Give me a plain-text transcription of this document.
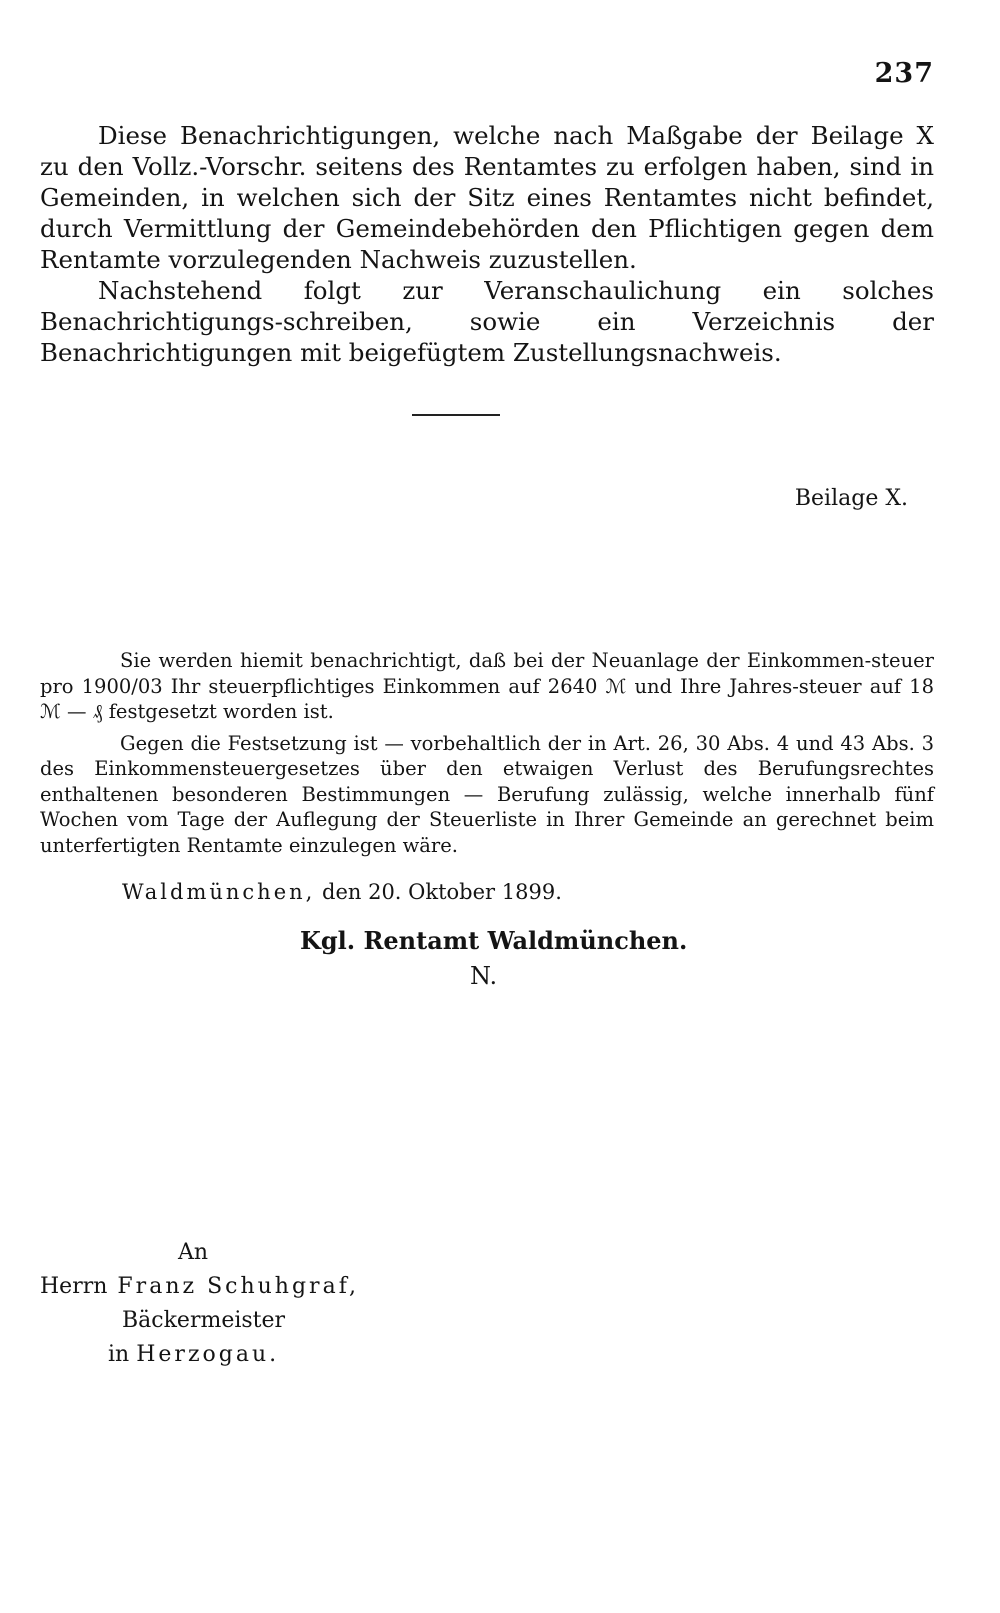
237

Diese Benachrichtigungen, welche nach Maßgabe der Beilage X zu den Vollz.-Vorschr. seitens des Rentamtes zu erfolgen haben, sind in Gemeinden, in welchen sich der Sitz eines Rentamtes nicht befindet, durch Vermittlung der Gemeindebehörden den Pflichtigen gegen dem Rentamte vorzulegenden Nachweis zuzustellen.

Nachstehend folgt zur Veranschaulichung ein solches Benachrichtigungs-schreiben, sowie ein Verzeichnis der Benachrichtigungen mit beigefügtem Zustellungsnachweis.

Beilage X.

Sie werden hiemit benachrichtigt, daß bei der Neuanlage der Einkommen-steuer pro 1900/03 Ihr steuerpflichtiges Einkommen auf 2640 ℳ und Ihre Jahres-steuer auf 18 ℳ — ₰ festgesetzt worden ist.

Gegen die Festsetzung ist — vorbehaltlich der in Art. 26, 30 Abs. 4 und 43 Abs. 3 des Einkommensteuergesetzes über den etwaigen Verlust des Berufungsrechtes enthaltenen besonderen Bestimmungen — Berufung zulässig, welche innerhalb fünf Wochen vom Tage der Auflegung der Steuerliste in Ihrer Gemeinde an gerechnet beim unterfertigten Rentamte einzulegen wäre.

Waldmünchen, den 20. Oktober 1899.
Kgl. Rentamt Waldmünchen.
N.
An
Herrn Franz Schuhgraf,
Bäckermeister
in Herzogau.
